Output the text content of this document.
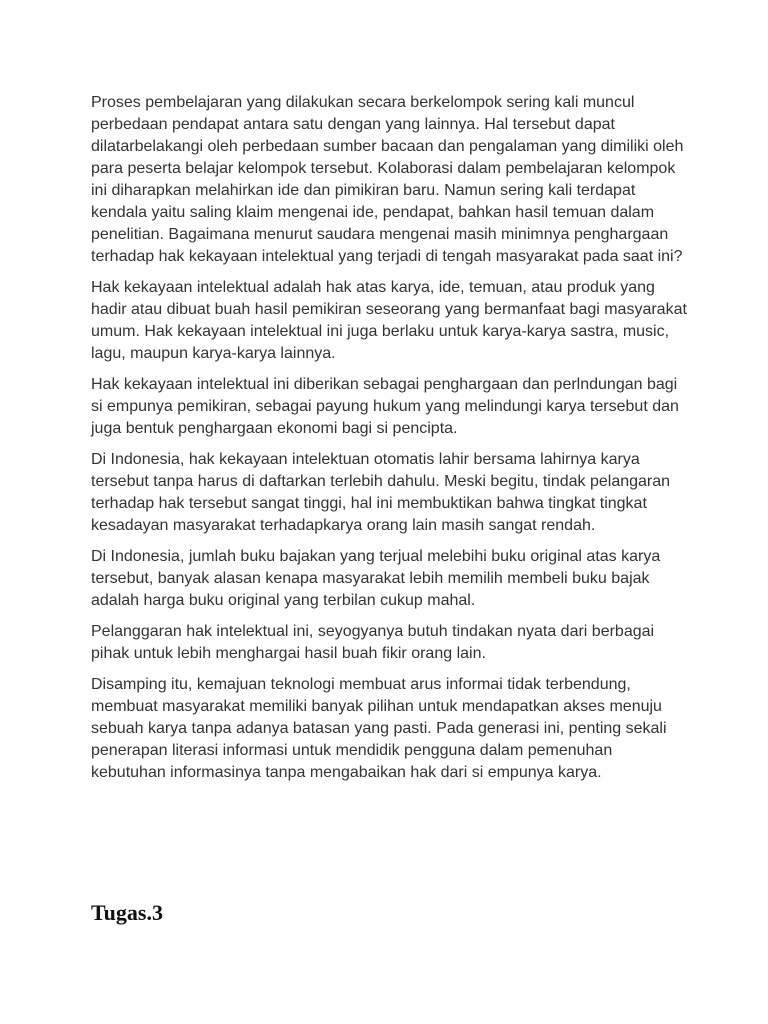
Proses pembelajaran yang dilakukan secara berkelompok sering kali muncul perbedaan pendapat antara satu dengan yang lainnya. Hal tersebut dapat dilatarbelakangi oleh perbedaan sumber bacaan dan pengalaman yang dimiliki oleh para peserta belajar kelompok tersebut. Kolaborasi dalam pembelajaran kelompok ini diharapkan melahirkan ide dan pimikiran baru. Namun sering kali terdapat kendala yaitu saling klaim mengenai ide, pendapat, bahkan hasil temuan dalam penelitian. Bagaimana menurut saudara mengenai masih minimnya penghargaan terhadap hak kekayaan intelektual yang terjadi di tengah masyarakat pada saat ini?

Hak kekayaan intelektual adalah hak atas karya, ide, temuan, atau produk yang hadir atau dibuat buah hasil pemikiran seseorang yang bermanfaat bagi masyarakat umum. Hak kekayaan intelektual ini juga berlaku untuk karya-karya sastra, music, lagu, maupun karya-karya lainnya.

Hak kekayaan intelektual ini diberikan sebagai penghargaan dan perlndungan bagi si empunya pemikiran, sebagai payung hukum yang melindungi karya tersebut dan juga bentuk penghargaan ekonomi bagi si pencipta.

Di Indonesia, hak kekayaan intelektuan otomatis lahir bersama lahirnya karya tersebut tanpa harus di daftarkan terlebih dahulu. Meski begitu, tindak pelangaran terhadap hak tersebut sangat tinggi, hal ini membuktikan bahwa tingkat tingkat kesadayan masyarakat terhadapkarya orang lain masih sangat rendah.

Di Indonesia, jumlah buku bajakan yang terjual melebihi buku original atas karya tersebut, banyak alasan kenapa masyarakat lebih memilih membeli buku bajak adalah harga buku original yang terbilan cukup mahal.

Pelanggaran hak intelektual ini, seyogyanya butuh tindakan nyata dari berbagai pihak untuk lebih menghargai hasil buah fikir orang lain.

Disamping itu, kemajuan teknologi membuat arus informai tidak terbendung, membuat masyarakat memiliki banyak pilihan untuk mendapatkan akses menuju sebuah karya tanpa adanya batasan yang pasti. Pada generasi ini, penting sekali penerapan literasi informasi untuk mendidik pengguna dalam pemenuhan kebutuhan informasinya tanpa mengabaikan hak dari si empunya karya.

Tugas.3
